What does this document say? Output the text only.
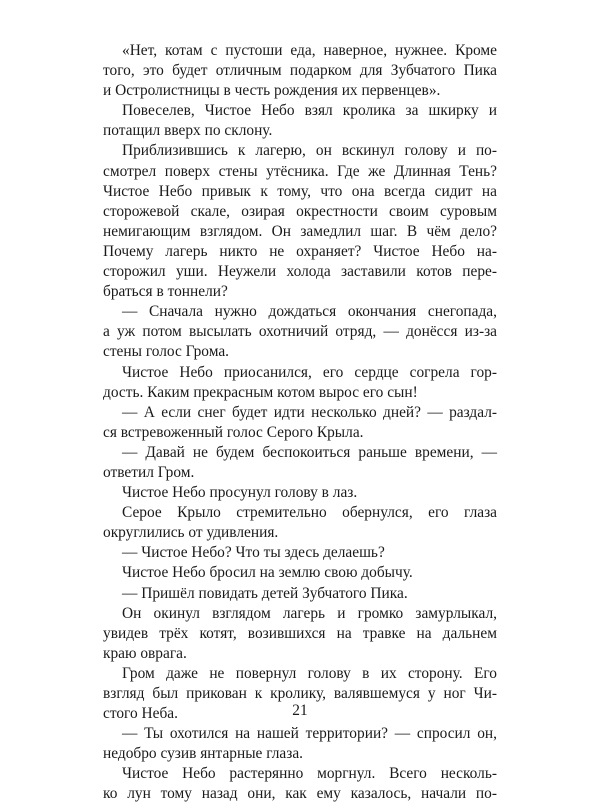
«Нет, котам с пустоши еда, наверное, нужнее. Кроме
того, это будет отличным подарком для Зубчатого Пика
и Остролистницы в честь рождения их первенцев».

Повеселев, Чистое Небо взял кролика за шкирку и
потащил вверх по склону.

Приблизившись к лагерю, он вскинул голову и по-
смотрел поверх стены утёсника. Где же Длинная Тень?
Чистое Небо привык к тому, что она всегда сидит на
сторожевой скале, озирая окрестности своим суровым
немигающим взглядом. Он замедлил шаг. В чём дело?
Почему лагерь никто не охраняет? Чистое Небо на-
сторожил уши. Неужели холода заставили котов пере-
браться в тоннели?

— Сначала нужно дождаться окончания снегопада,
а уж потом высылать охотничий отряд, — донёсся из-за
стены голос Грома.

Чистое Небо приосанился, его сердце согрела гор-
дость. Каким прекрасным котом вырос его сын!

— А если снег будет идти несколько дней? — раздал-
ся встревоженный голос Серого Крыла.

— Давай не будем беспокоиться раньше времени, —
ответил Гром.

Чистое Небо просунул голову в лаз.

Серое Крыло стремительно обернулся, его глаза
округлились от удивления.

— Чистое Небо? Что ты здесь делаешь?

Чистое Небо бросил на землю свою добычу.

— Пришёл повидать детей Зубчатого Пика.

Он окинул взглядом лагерь и громко замурлыкал,
увидев трёх котят, возившихся на травке на дальнем
краю оврага.

Гром даже не повернул голову в их сторону. Его
взгляд был прикован к кролику, валявшемуся у ног Чи-
стого Неба.

— Ты охотился на нашей территории? — спросил он,
недобро сузив янтарные глаза.

Чистое Небо растерянно моргнул. Всего несколь-
ко лун тому назад они, как ему казалось, начали по-

21
